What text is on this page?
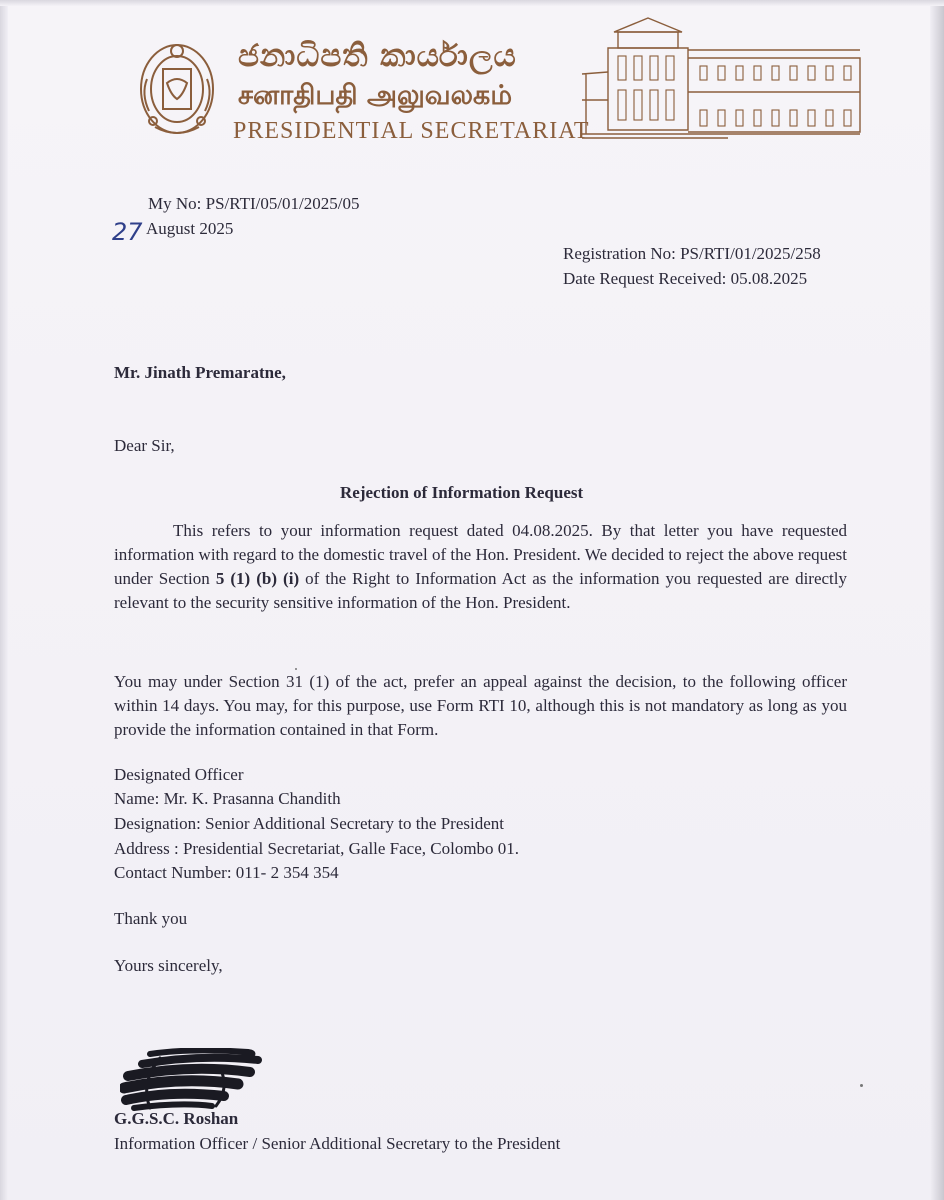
ජනාධිපති කාර්යාලය
சனாதிபதி அலுவலகம்
PRESIDENTIAL SECRETARIAT
My No: PS/RTI/05/01/2025/05
27 August 2025
Registration No: PS/RTI/01/2025/258
Date Request Received: 05.08.2025
Mr. Jinath Premaratne,
Dear Sir,
Rejection of Information Request
This refers to your information request dated 04.08.2025. By that letter you have requested information with regard to the domestic travel of the Hon. President. We decided to reject the above request under Section 5 (1) (b) (i) of the Right to Information Act as the information you requested are directly relevant to the security sensitive information of the Hon. President.
You may under Section 31 (1) of the act, prefer an appeal against the decision, to the following officer within 14 days. You may, for this purpose, use Form RTI 10, although this is not mandatory as long as you provide the information contained in that Form.
Designated Officer
Name: Mr. K. Prasanna Chandith
Designation: Senior Additional Secretary to the President
Address : Presidential Secretariat, Galle Face, Colombo 01.
Contact Number: 011- 2 354 354
Thank you
Yours sincerely,
G.G.S.C. Roshan
Information Officer / Senior Additional Secretary to the President
